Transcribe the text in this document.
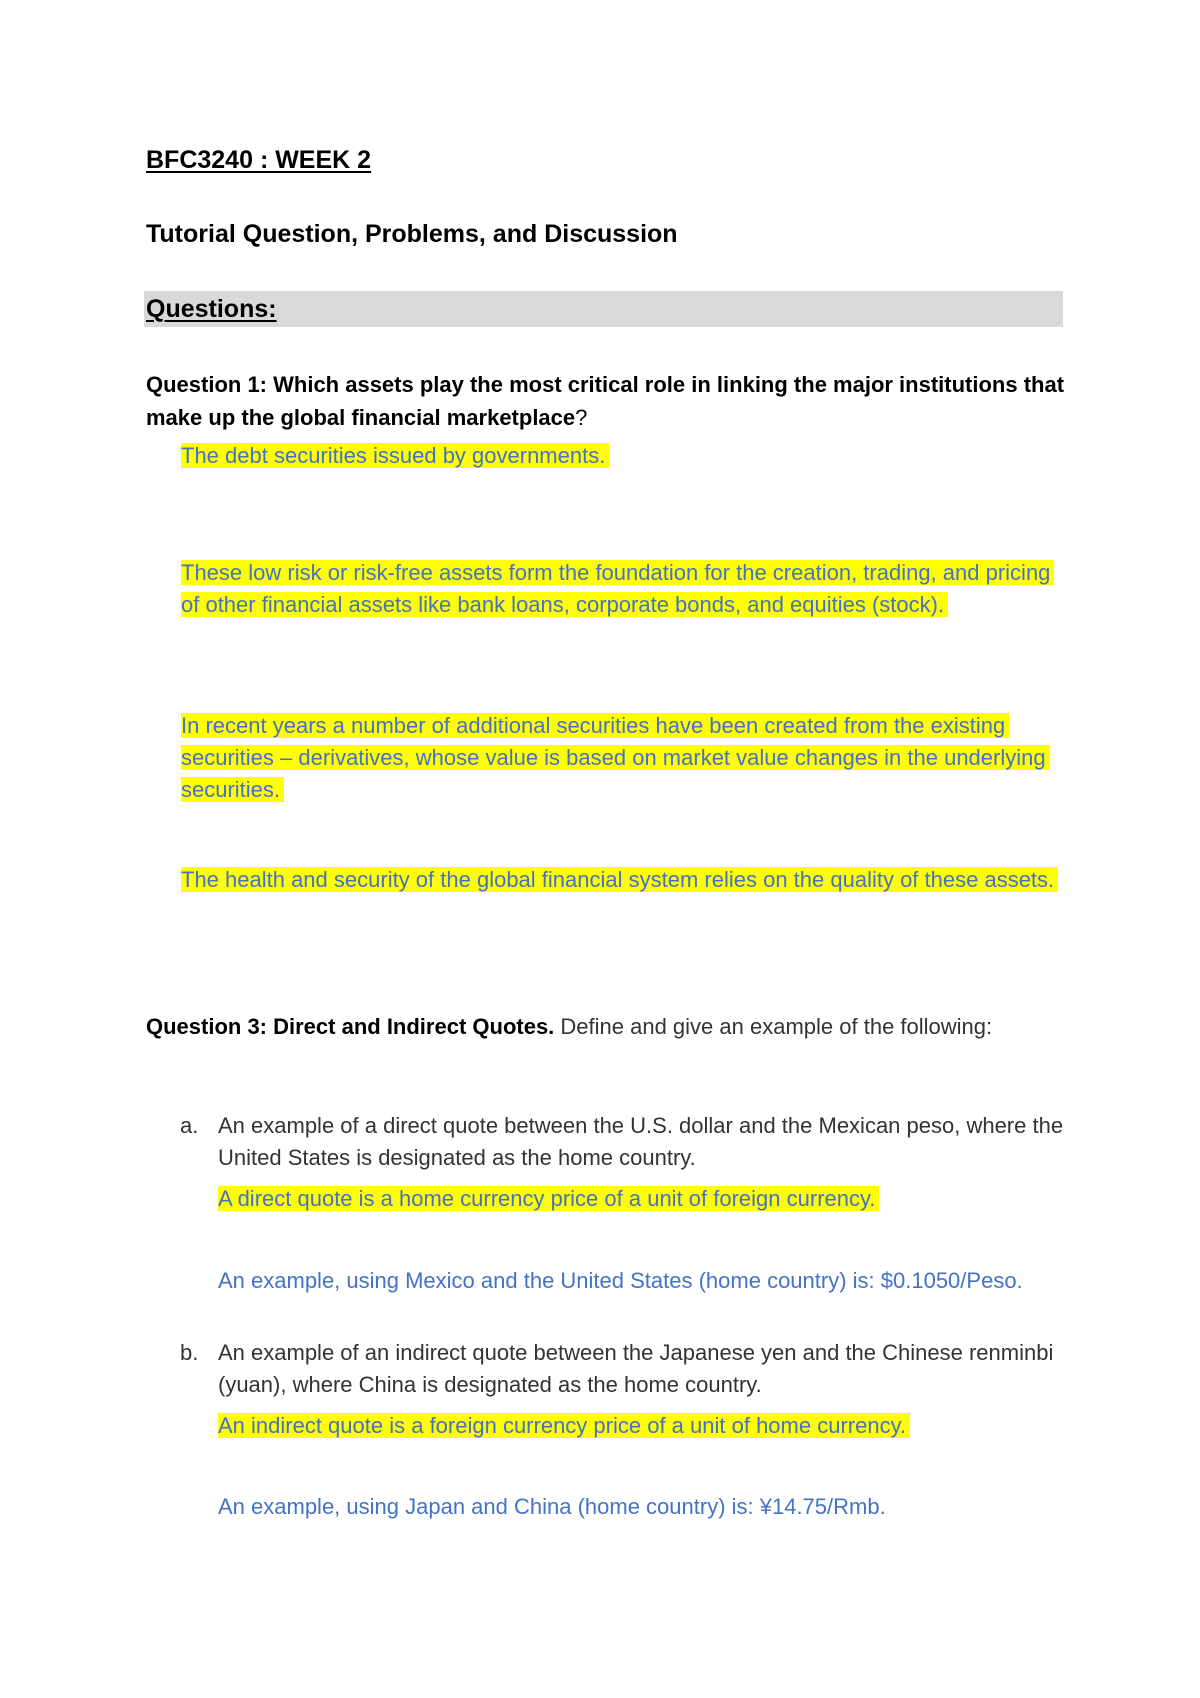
BFC3240 : WEEK 2
Tutorial Question, Problems, and Discussion
Questions:
Question 1: Which assets play the most critical role in linking the major institutions that make up the global financial marketplace?
The debt securities issued by governments.
These low risk or risk-free assets form the foundation for the creation, trading, and pricing of other financial assets like bank loans, corporate bonds, and equities (stock).
In recent years a number of additional securities have been created from the existing securities – derivatives, whose value is based on market value changes in the underlying securities.
The health and security of the global financial system relies on the quality of these assets.
Question 3: Direct and Indirect Quotes. Define and give an example of the following:
a. An example of a direct quote between the U.S. dollar and the Mexican peso, where the United States is designated as the home country.
A direct quote is a home currency price of a unit of foreign currency.
An example, using Mexico and the United States (home country) is: $0.1050/Peso.
b. An example of an indirect quote between the Japanese yen and the Chinese renminbi (yuan), where China is designated as the home country.
An indirect quote is a foreign currency price of a unit of home currency.
An example, using Japan and China (home country) is: ¥14.75/Rmb.
